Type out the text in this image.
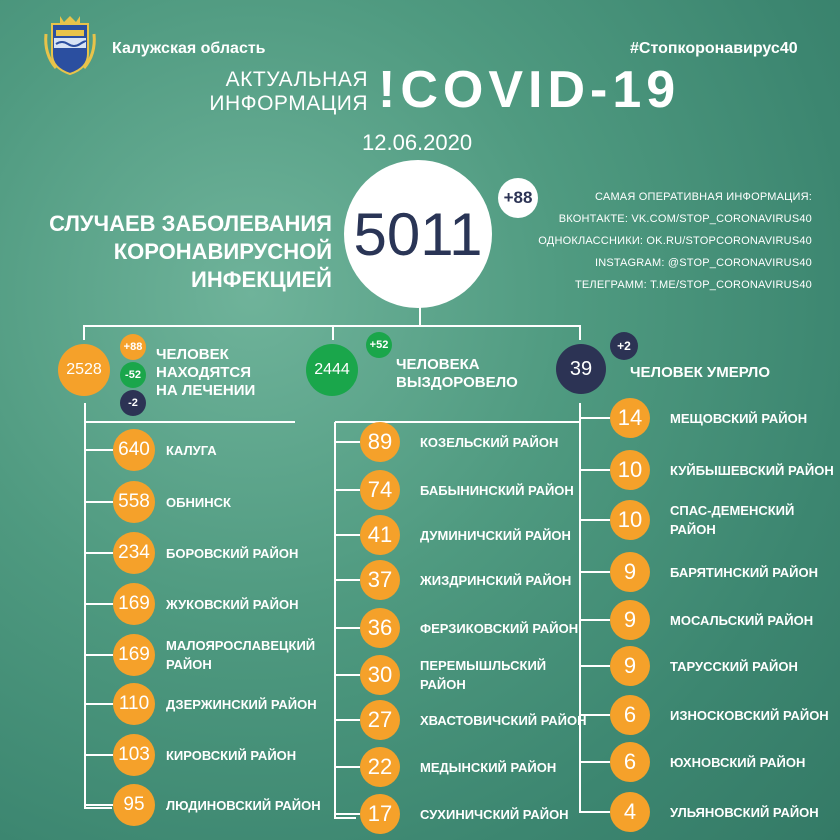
Калужская область	#Стопкоронавирус40
АКТУАЛЬНАЯ
ИНФОРМАЦИЯ !COVID-19
12.06.2020
СЛУЧАЕВ ЗАБОЛЕВАНИЯ
КОРОНАВИРУСНОЙ ИНФЕКЦИЕЙ
5011
+88	САМАЯ ОПЕРАТИВНАЯ ИНФОРМАЦИЯ:
ВКОНТАКТЕ: VK.COM/STOP_CORONAVIRUS40
ОДНОКЛАССНИКИ: OK.RU/STOPCORONAVIRUS40
INSTAGRAM: @STOP_CORONAVIRUS40
ТЕЛЕГРАММ: T.ME/STOP_CORONAVIRUS40
2528
+88
-52
-2
ЧЕЛОВЕК
НАХОДЯТСЯ
НА ЛЕЧЕНИИ
2444
+52
ЧЕЛОВЕКА
ВЫЗДОРОВЕЛО
39
+2
ЧЕЛОВЕК УМЕРЛО
640	КАЛУГА
558	ОБНИНСК
234	БОРОВСКИЙ РАЙОН
169	ЖУКОВСКИЙ РАЙОН
169	МАЛОЯРОСЛАВЕЦКИЙ
РАЙОН
110	ДЗЕРЖИНСКИЙ РАЙОН
103	КИРОВСКИЙ РАЙОН
95	ЛЮДИНОВСКИЙ РАЙОН
89	КОЗЕЛЬСКИЙ РАЙОН
74	БАБЫНИНСКИЙ РАЙОН
41	ДУМИНИЧСКИЙ РАЙОН
37	ЖИЗДРИНСКИЙ РАЙОН
36	ФЕРЗИКОВСКИЙ РАЙОН
30	ПЕРЕМЫШЛЬСКИЙ
РАЙОН
27	ХВАСТОВИЧСКИЙ РАЙОН
22	МЕДЫНСКИЙ РАЙОН
17	СУХИНИЧСКИЙ РАЙОН
14	МЕЩОВСКИЙ РАЙОН
10	КУЙБЫШЕВСКИЙ РАЙОН
10	СПАС-ДЕМЕНСКИЙ
РАЙОН
9	БАРЯТИНСКИЙ РАЙОН
9	МОСАЛЬСКИЙ РАЙОН
9	ТАРУССКИЙ РАЙОН
6	ИЗНОСКОВСКИЙ РАЙОН
6	ЮХНОВСКИЙ РАЙОН
4	УЛЬЯНОВСКИЙ РАЙОН
